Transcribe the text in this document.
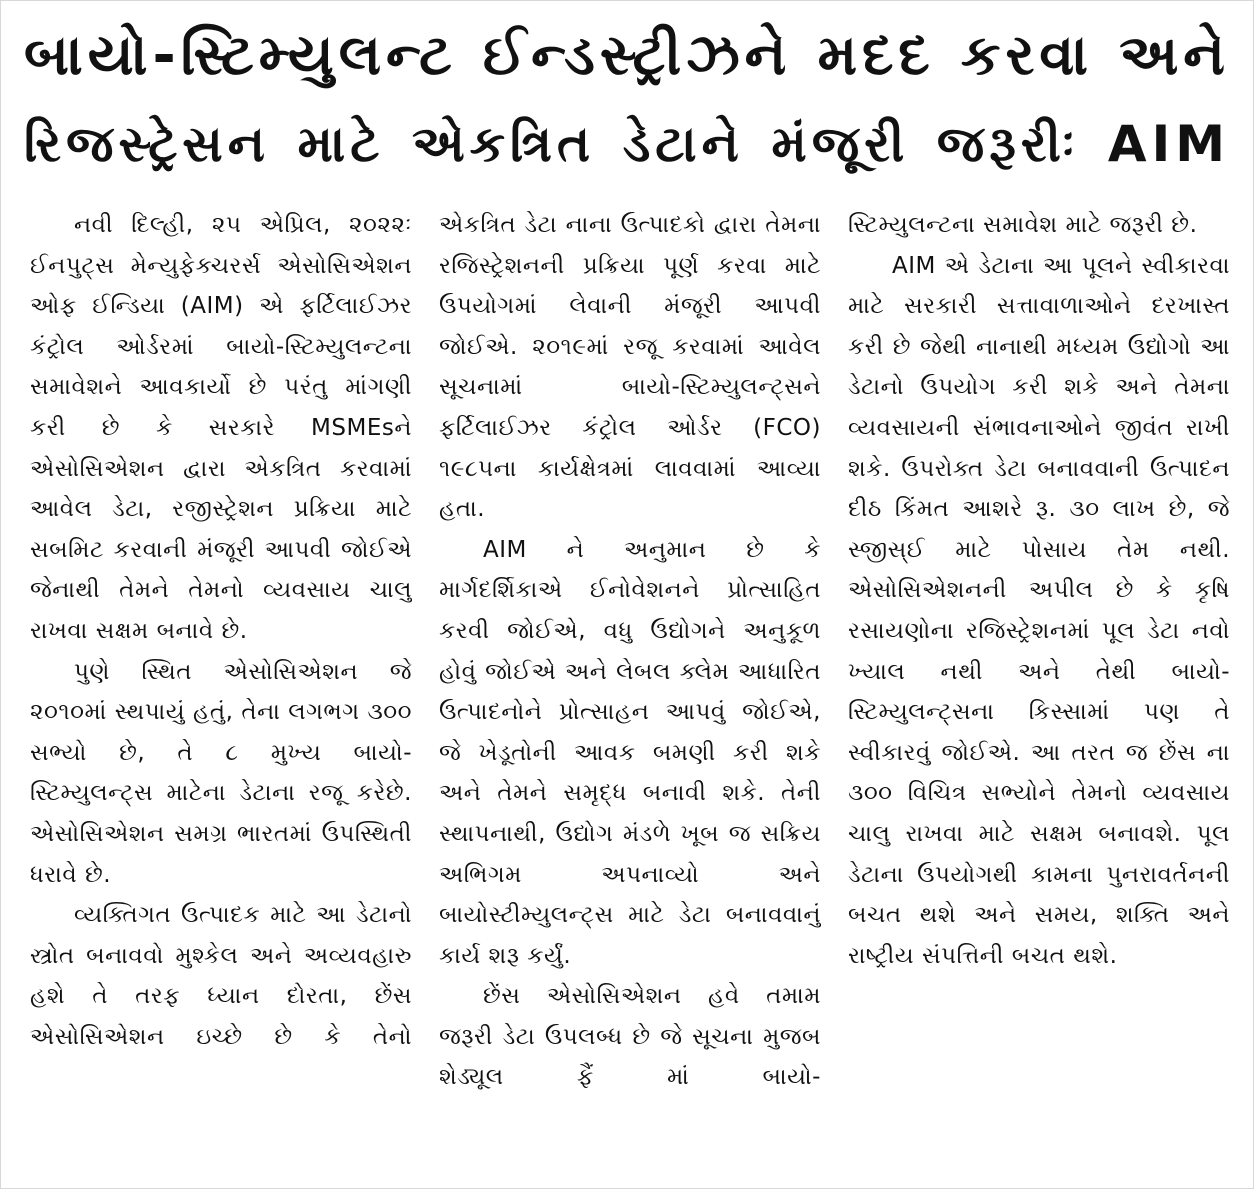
બાયો-સ્ટિમ્યુલન્ટ ઈન્ડસ્ટ્રીઝને મદદ કરવા અને
રિજસ્ટ્રેસન માટે એકત્રિત ડેટાને મંજૂરી જરૂરીઃ AIM

નવી દિલ્હી, ૨૫ એપ્રિલ, ૨૦૨૨ઃ ઈનપુટ્સ મેન્યુફેક્ચરર્સ એસોસિએશન ઓફ ઈન્ડિયા (AIM) એ ફર્ટિલાઈઝર કંટ્રોલ ઓર્ડરમાં બાયો-સ્ટિમ્યુલન્ટના સમાવેશને આવકાર્યો છે પરંતુ માંગણી કરી છે કે સરકારે MSMEsને એસોસિએશન દ્વારા એકત્રિત કરવામાં આવેલ ડેટા, રજીસ્ટ્રેશન પ્રક્રિયા માટે સબમિટ કરવાની મંજૂરી આપવી જોઈએ જેનાથી તેમને તેમનો વ્યવસાય ચાલુ રાખવા સક્ષમ બનાવે છે.

પુણે સ્થિત એસોસિએશન જે ૨૦૧૦માં સ્થપાયું હતું, તેના લગભગ ૩૦૦ સભ્યો છે, તે ૮ મુખ્ય બાયો-સ્ટિમ્યુલન્ટ્સ માટેના ડેટાના રજૂ કરેછે. એસોસિએશન સમગ્ર ભારતમાં ઉપસ્થિતી ધરાવે છે.

વ્યક્તિગત ઉત્પાદક માટે આ ડેટાનો સ્ત્રોત બનાવવો મુશ્કેલ અને અવ્યવહારુ હશે તે તરફ ધ્યાન દોરતા, છેંસ એસોસિએશન ઇચ્છે છે કે તેનો

એકત્રિત ડેટા નાના ઉત્પાદકો દ્વારા તેમના રજિસ્ટ્રેશનની પ્રક્રિયા પૂર્ણ કરવા માટે ઉપયોગમાં લેવાની મંજૂરી આપવી જોઈએ. ૨૦૧૯માં રજૂ કરવામાં આવેલ સૂચનામાં બાયો-સ્ટિમ્યુલન્ટ્સને ફર્ટિલાઈઝર કંટ્રોલ ઓર્ડર (FCO) ૧૯૮૫ના કાર્યક્ષેત્રમાં લાવવામાં આવ્યા હતા.

AIM ને અનુમાન છે કે માર્ગદર્શિકાએ ઈનોવેશનને પ્રોત્સાહિત કરવી જોઈએ, વધુ ઉદ્યોગને અનુકૂળ હોવું જોઈએ અને લેબલ ક્લેમ આધારિત ઉત્પાદનોને પ્રોત્સાહન આપવું જોઈએ, જે ખેડૂતોની આવક બમણી કરી શકે અને તેમને સમૃદ્ધ બનાવી શકે. તેની સ્થાપનાથી, ઉદ્યોગ મંડળે ખૂબ જ સક્રિય અભિગમ અપનાવ્યો અને બાયોસ્ટીમ્યુલન્ટ્સ માટે ડેટા બનાવવાનું કાર્ય શરૂ કર્યું.

છેંસ એસોસિએશન હવે તમામ જરૂરી ડેટા ઉપલબ્ધ છે જે સૂચના મુજબ શેડ્યૂલ ફૈં માં બાયો-

સ્ટિમ્યુલન્ટના સમાવેશ માટે જરૂરી છે.

AIM એ ડેટાના આ પૂલને સ્વીકારવા માટે સરકારી સત્તાવાળાઓને દરખાસ્ત કરી છે જેથી નાનાથી મધ્યમ ઉદ્યોગો આ ડેટાનો ઉપયોગ કરી શકે અને તેમના વ્યવસાયની સંભાવનાઓને જીવંત રાખી શકે. ઉપરોક્ત ડેટા બનાવવાની ઉત્પાદન દીઠ કિંમત આશરે રૂ. ૩૦ લાખ છે, જે સ્જીસ્ઈ માટે પોસાય તેમ નથી. એસોસિએશનની અપીલ છે કે કૃષિ રસાયણોના રજિસ્ટ્રેશનમાં પૂલ ડેટા નવો ખ્યાલ નથી અને તેથી બાયો-સ્ટિમ્યુલન્ટ્સના કિસ્સામાં પણ તે સ્વીકારવું જોઈએ. આ તરત જ છેંસ ના ૩૦૦ વિચિત્ર સભ્યોને તેમનો વ્યવસાય ચાલુ રાખવા માટે સક્ષમ બનાવશે. પૂલ ડેટાના ઉપયોગથી કામના પુનરાવર્તનની બચત થશે અને સમય, શક્તિ અને રાષ્ટ્રીય સંપત્તિની બચત થશે.
